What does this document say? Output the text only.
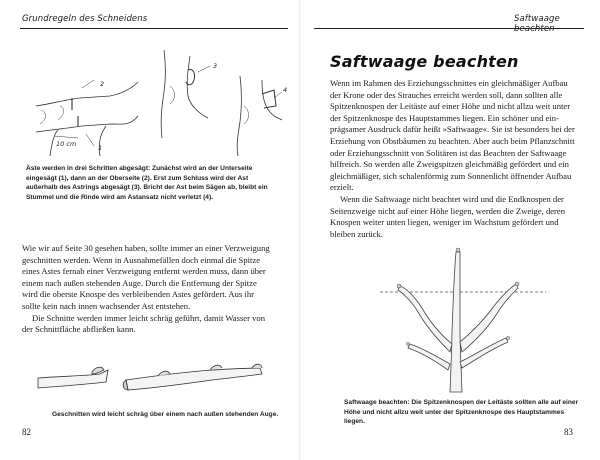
Grundregeln des Schneidens
2
1
3
4
10 cm
Äste werden in drei Schritten abgesägt: Zunächst wird an der Unterseite
eingesägt (1), dann an der Oberseite (2). Erst zum Schluss wird der Ast
außerhalb des Astrings abgesägt (3). Bricht der Ast beim Sägen ab, bleibt ein
Stummel und die Rinde wird am Astansatz nicht verletzt (4).

Wie wir auf Seite 30 gesehen haben, sollte immer an einer Verzweigung

geschnitten werden. Wenn in Ausnahmefällen doch einmal die Spitze

eines Astes fernab einer Verzweigung entfernt werden muss, dann über

einem nach außen stehenden Auge. Durch die Entfernung der Spitze

wird die oberste Knospe des verbleibenden Astes gefördert. Aus ihr

sollte kein nach innen wachsender Ast entstehen.

Die Schnitte werden immer leicht schräg geführt, damit Wasser von

der Schnittfläche abfließen kann.

Geschnitten wird leicht schräg über einem nach außen stehenden Auge.
82
Saftwaage beachten
Saftwaage beachten

Wenn im Rahmen des Erziehungsschnittes ein gleichmäßiger Aufbau

der Krone oder des Strauches erreicht werden soll, dann sollten alle

Spitzenknospen der Leitäste auf einer Höhe und nicht allzu weit unter

der Spitzenknospe des Hauptstammes liegen. Ein schöner und ein-

prägsamer Ausdruck dafür heißt »Saftwaage«. Sie ist besonders bei der

Erziehung von Obstbäumen zu beachten. Aber auch beim Pflanzschnitt

oder Erziehungsschnitt von Solitären ist das Beachten der Saftwaage

hilfreich. So werden alle Zweigspitzen gleichmäßig gefördert und ein

gleichmäßiger, sich schalenförmig zum Sonnenlicht öffnender Aufbau

erzielt.

Wenn die Saftwaage nicht beachtet wird und die Endknospen der

Seitenzweige nicht auf einer Höhe liegen, werden die Zweige, deren

Knospen weiter unten liegen, weniger im Wachstum gefördert und

bleiben zurück.

Saftwaage beachten: Die Spitzenknospen der Leitäste sollten alle auf einer
Höhe und nicht allzu weit unter der Spitzenknospe des Hauptstammes liegen.
83
